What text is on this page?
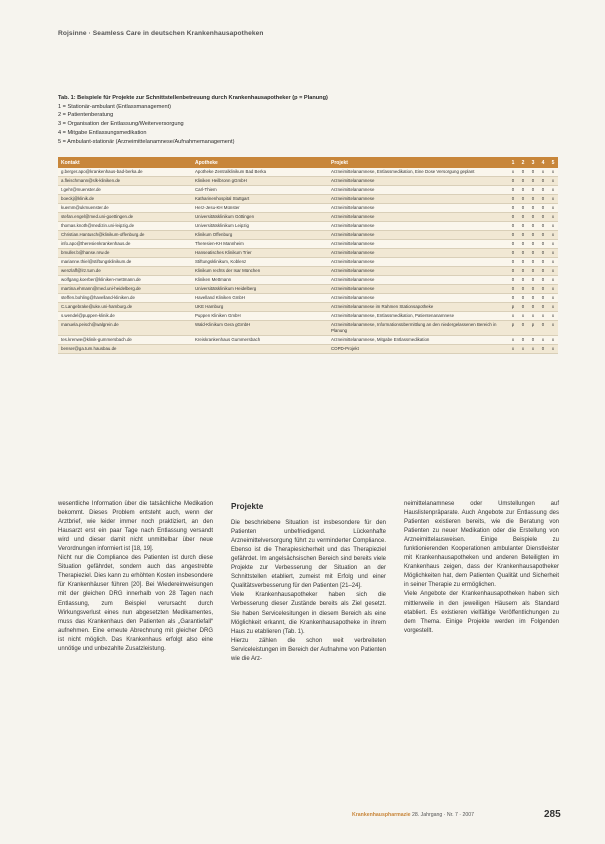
Rojsinne · Seamless Care in deutschen Krankenhausapotheken
Tab. 1: Beispiele für Projekte zur Schnittstellenbetreuung durch Krankenhausapotheker (p = Planung)
1 = Stationär-ambulant (Entlassmanagement)
2 = Patientenberatung
3 = Organisation der Entlassung/Weiterversorgung
4 = Mitgabe Entlassungsmedikation
5 = Ambulant-stationär (Arzneimittelanamnese/Aufnahmemanagement)
Kontakt	Apotheke	Projekt	1	2	3	4	5
g.berger.apo@krankenhaus-bad-berka.de	Apotheke Zentralklinikum Bad Berka	Arzneimittelanamnese, Entlassmedikation, Eine Dose Versorgung geplant	x	0	0	x	x
a.fleischmann@slk-kliniken.de	Kliniken Heilbronn gGmbH	Arzneimittelanamnese	0	0	0	0	x
t.gehr@muenster.de	Carl-Thiem	Arzneimittelanamnese	0	0	0	0	x
boeckj@klinik.de	Katharinenhospital Stuttgart	Arzneimittelanamnese	0	0	0	0	x
kuemm@ukmuenster.de	Herz-Jesu-KH Münster	Arzneimittelanamnese	0	0	0	0	x
stefan.engel@med.uni-goettingen.de	Universitätsklinikum Göttingen	Arzneimittelanamnese	0	0	0	0	x
thomas.knoth@medizin.uni-leipzig.de	Universitätsklinikum Leipzig	Arzneimittelanamnese	0	0	0	0	x
Christian.Hantusch@klinikum-offenburg.de	Klinikum Offenburg	Arzneimittelanamnese	0	0	0	0	x
info.apo@theresienkrankenhaus.de	Theresien-KH Mannheim	Arzneimittelanamnese	0	0	0	0	x
bmuller.b@hanse.nrw.de	Hanseatisches Klinikum Trier	Arzneimittelanamnese	0	0	0	0	x
marianne.thiel@stiftungsklinikum.de	Stiftungsklinikum, Koblenz	Arzneimittelanamnese	0	0	0	0	x
wenzlaff@lrz.tum.de	Klinikum rechts der Isar München	Arzneimittelanamnese	0	0	0	0	x
wolfgang.koerber@kliniken-mettmann.de	Kliniken Mettmann	Arzneimittelanamnese	0	0	0	0	x
martina.ehmann@med.uni-heidelberg.de	Universitätsklinikum Heidelberg	Arzneimittelanamnese	0	0	0	0	x
steffen.bohling@havelland-kliniken.de	Havelland Kliniken GmbH	Arzneimittelanamnese	0	0	0	0	x
C.Langebrake@uke.uni-hamburg.de	UKE Hamburg	Arzneimittelanamnese im Rahmen Stationsapotheke	p	0	0	0	x
s.wendel@puppen-klinik.de	Puppen Kliniken GmbH	Arzneimittelanamnese, Entlassmedikation, Patientenanamnese	x	x	x	x	x
manuela.peisch@walgrein.de	Wald-Klinikum Gera gGmbH	Arzneimittelanamnese, Informationsübermittlung an den niedergelassenen Bereich in Planung	p	0	p	0	x
tes.krenwe@klinik-gummersbach.de	Kreiskrankenhaus Gummersbach	Arzneimittelanamnese, Mitgabe Entlassmedikation	x	0	0	x	x
benser@ga.tum.hausbau.de		COPD-Projekt	x	x	x	0	x

wesentliche Information über die tatsächliche Medikation bekommt. Dieses Problem entsteht auch, wenn der Arztbrief, wie leider immer noch praktiziert, an den Hausarzt erst ein paar Tage nach Entlassung versandt wird und dieser damit nicht unmittelbar über neue Verordnungen informiert ist [18, 19].

Nicht nur die Compliance des Patienten ist durch diese Situation gefährdet, sondern auch das angestrebte Therapieziel. Dies kann zu erhöhten Kosten insbesondere für Krankenhäuser führen [20]. Bei Wiedereinweisungen mit der gleichen DRG innerhalb von 28 Tagen nach Entlassung, zum Beispiel verursacht durch Wirkungsverlust eines nun abgesetzten Medikamentes, muss das Krankenhaus den Patienten als „Garantiefall“ aufnehmen. Eine erneute Abrechnung mit gleicher DRG ist nicht möglich. Das Krankenhaus erfolgt also eine unnötige und unbezahlte Zusatzleistung.

Projekte

Die beschriebene Situation ist insbesondere für den Patienten unbefriedigend. Lückenhafte Arzneimittelversorgung führt zu verminderter Compliance. Ebenso ist die Therapiesicherheit und das Therapieziel gefährdet. Im angelsächsischen Bereich sind bereits viele Projekte zur Verbesserung der Situation an der Schnittstellen etabliert, zumeist mit Erfolg und einer Qualitätsverbesserung für den Patienten [21–24].

Viele Krankenhausapotheker haben sich die Verbesserung dieser Zustände bereits als Ziel gesetzt. Sie haben Servicelesitungen in diesem Bereich als eine Möglichkeit erkannt, die Krankenhausapotheke in ihrem Haus zu etablieren (Tab. 1).

Hierzu zählen die schon weit verbreiteten Serviceleistungen im Bereich der Aufnahme von Patienten wie die Arz-

neimittelanamnese oder Umstellungen auf Hauslistenpräparate. Auch Angebote zur Entlassung des Patienten existieren bereits, wie die Beratung von Patienten zu neuer Medikation oder die Erstellung von Arzneimittelausweisen. Einige Beispiele zu funktionierenden Kooperationen ambulanter Dienstleister mit Krankenhausapotheken und anderen Beteiligten im Krankenhaus zeigen, dass der Krankenhausapotheker Möglichkeiten hat, dem Patienten Qualität und Sicherheit in seiner Therapie zu ermöglichen.

Viele Angebote der Krankenhausapotheken haben sich mittlerweile in den jeweiligen Häusern als Standard etabliert. Es existieren vielfältige Veröffentlichungen zu dem Thema. Einige Projekte werden im Folgenden vorgestellt.

Krankenhauspharmazie 28. Jahrgang · Nr. 7 · 2007	285
